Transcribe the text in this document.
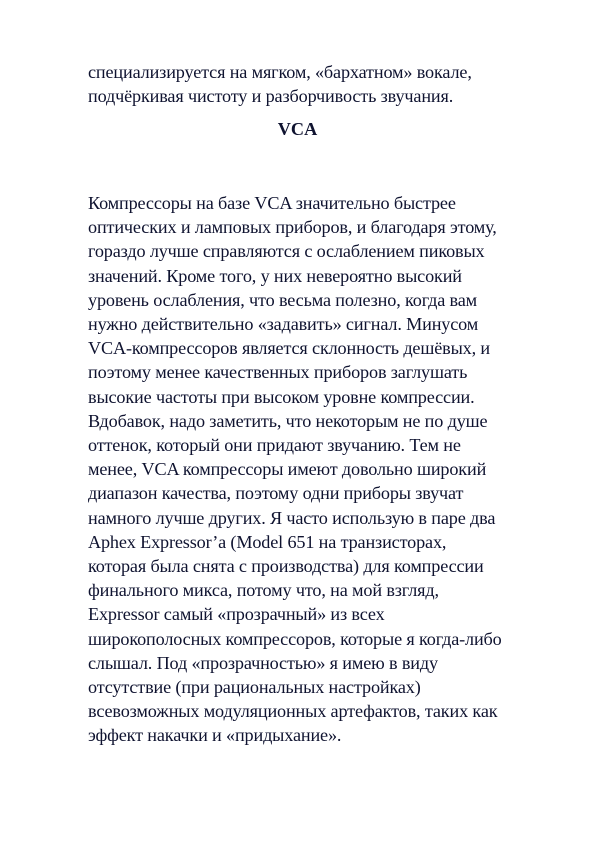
специализируется на мягком, «бархатном» вокале,
подчёркивая чистоту и разборчивость звучания.
VCA
Компрессоры на базе VCA значительно быстрее
оптических и ламповых приборов, и благодаря этому,
гораздо лучше справляются с ослаблением пиковых
значений. Кроме того, у них невероятно высокий
уровень ослабления, что весьма полезно, когда вам
нужно действительно «задавить» сигнал. Минусом
VCA-компрессоров является склонность дешёвых, и
поэтому менее качественных приборов заглушать
высокие частоты при высоком уровне компрессии.
Вдобавок, надо заметить, что некоторым не по душе
оттенок, который они придают звучанию. Тем не
менее, VCA компрессоры имеют довольно широкий
диапазон качества, поэтому одни приборы звучат
намного лучше других. Я часто использую в паре два
Aphex Expressor’a (Model 651 на транзисторах,
которая была снята с производства) для компрессии
финального микса, потому что, на мой взгляд,
Expressor самый «прозрачный» из всех
широкополосных компрессоров, которые я когда-либо
слышал. Под «прозрачностью» я имею в виду
отсутствие (при рациональных настройках)
всевозможных модуляционных артефактов, таких как
эффект накачки и «придыхание».
